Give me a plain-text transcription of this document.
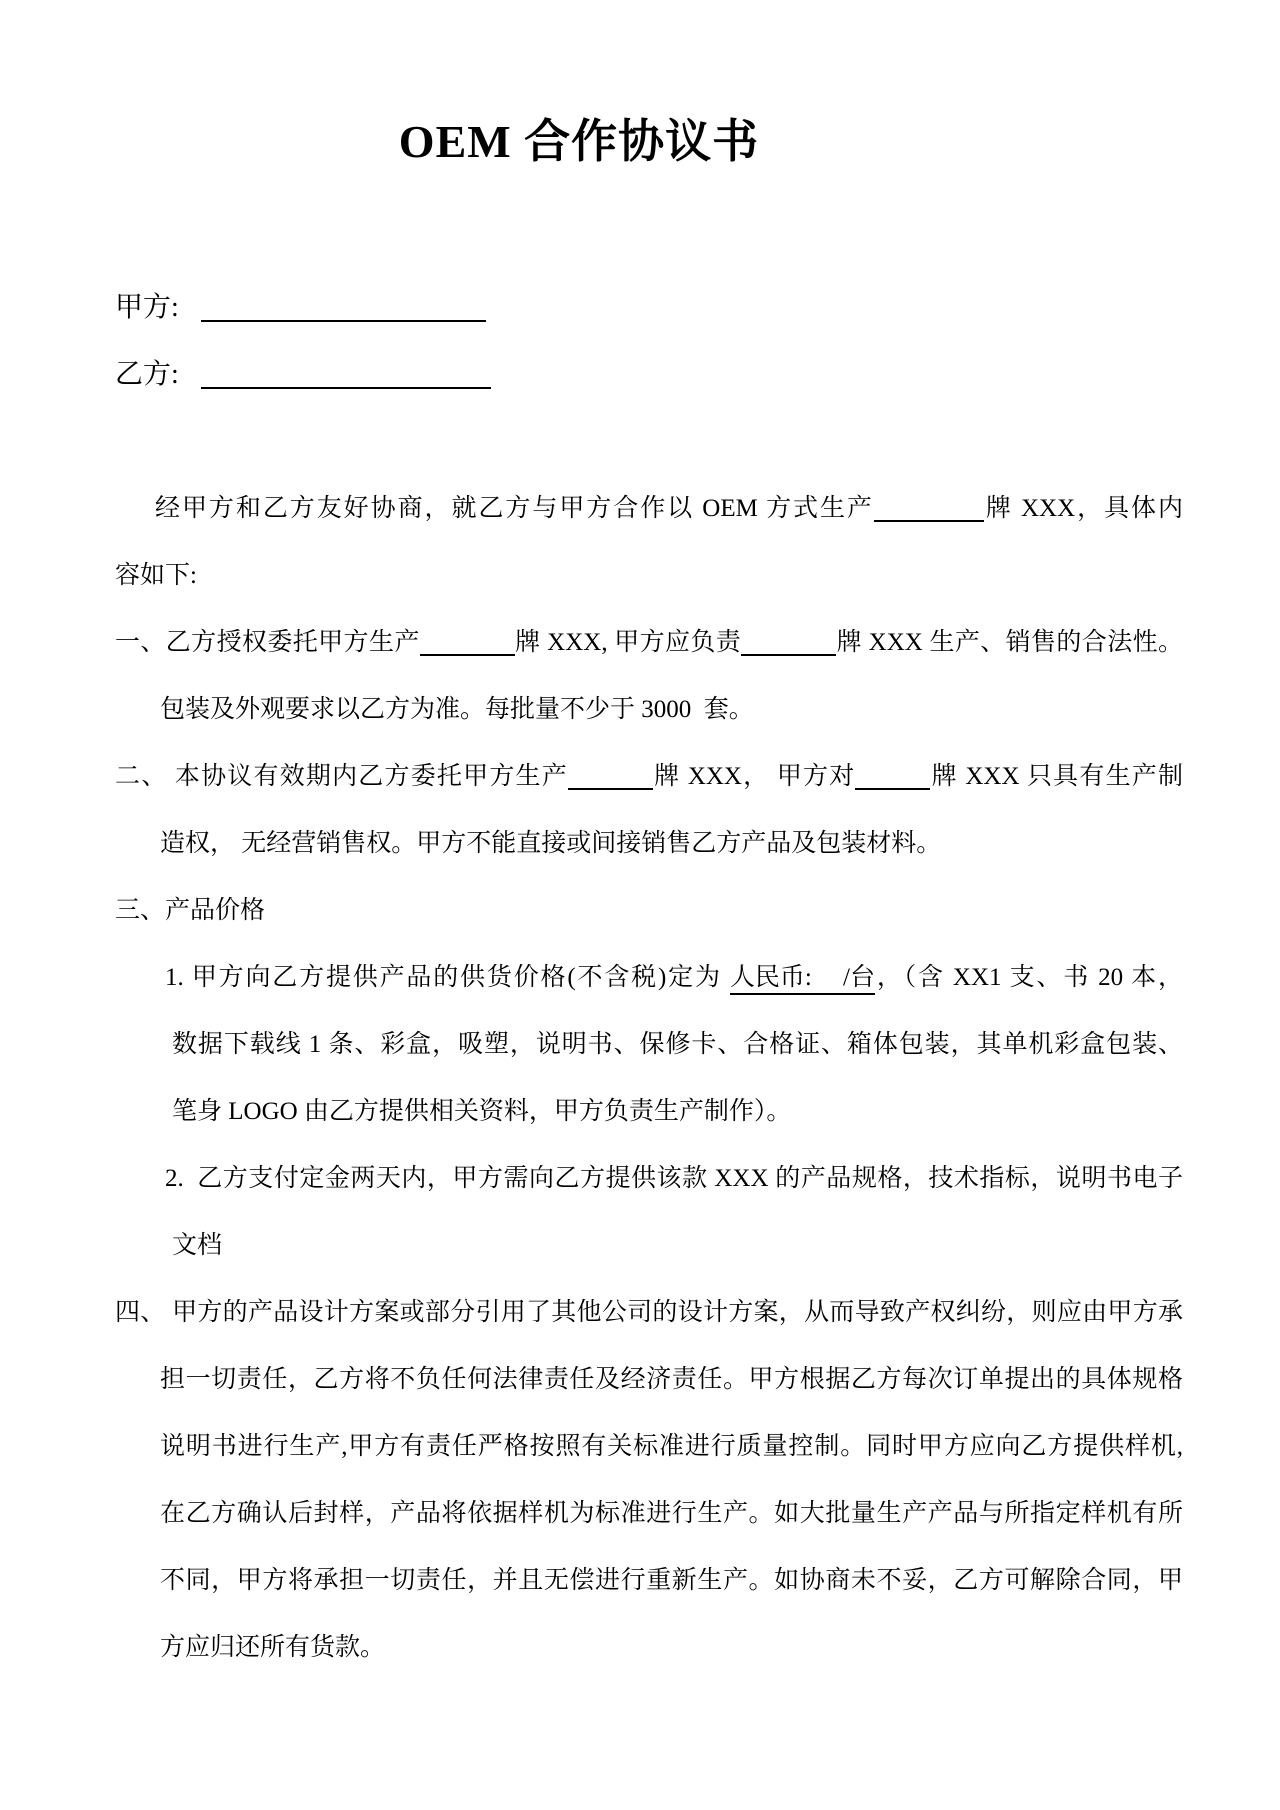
OEM 合作协议书
甲方:
乙方:
经甲方和乙方友好协商，就乙方与甲方合作以 OEM 方式生产	牌 XXX，具体内
容如下:
一、乙方授权委托甲方生产	牌 XXX, 甲方应负责	牌 XXX 生产、销售的合法性。
包装及外观要求以乙方为准。每批量不少于 3000  套。
二、 本协议有效期内乙方委托甲方生产	牌 XXX， 甲方对	牌 XXX 只具有生产制
造权， 无经营销售权。甲方不能直接或间接销售乙方产品及包装材料。
三、产品价格
1. 甲方向乙方提供产品的供货价格(不含税)定为 人民币:     /台，（含 XX1 支、书 20 本，
数据下载线 1 条、彩盒，吸塑，说明书、保修卡、合格证、箱体包装，其单机彩盒包装、
笔身 LOGO 由乙方提供相关资料，甲方负责生产制作）。
2.  乙方支付定金两天内，甲方需向乙方提供该款 XXX 的产品规格，技术指标，说明书电子
文档
四、 甲方的产品设计方案或部分引用了其他公司的设计方案，从而导致产权纠纷，则应由甲方承
担一切责任，乙方将不负任何法律责任及经济责任。甲方根据乙方每次订单提出的具体规格
说明书进行生产,甲方有责任严格按照有关标准进行质量控制。同时甲方应向乙方提供样机,
在乙方确认后封样，产品将依据样机为标准进行生产。如大批量生产产品与所指定样机有所
不同，甲方将承担一切责任，并且无偿进行重新生产。如协商未不妥，乙方可解除合同，甲
方应归还所有货款。
